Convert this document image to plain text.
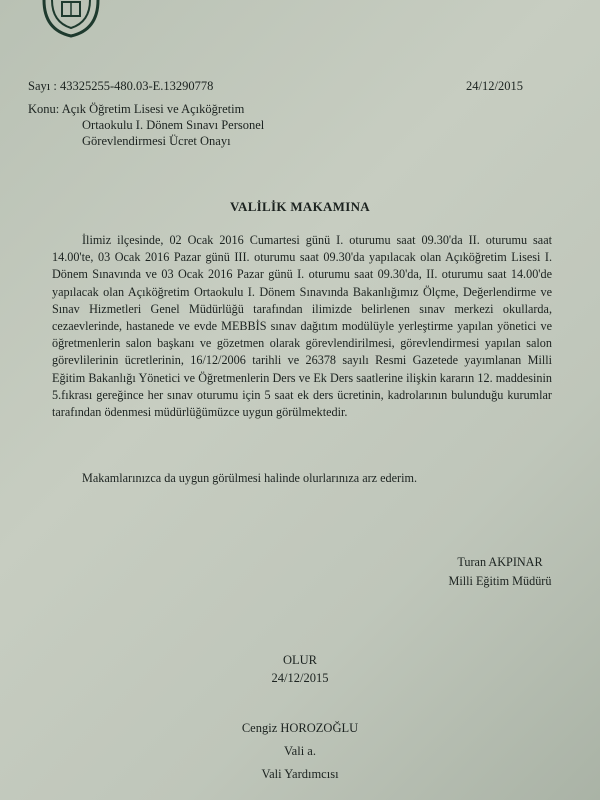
Sayı : 43325255-480.03-E.13290778	24/12/2015
Konu: Açık Öğretim Lisesi ve Açıköğretim
Ortaokulu I. Dönem Sınavı Personel
Görevlendirmesi Ücret Onayı
VALİLİK MAKAMINA
İlimiz ilçesinde, 02 Ocak 2016 Cumartesi günü I. oturumu saat 09.30'da II. oturumu saat 14.00'te, 03 Ocak 2016 Pazar günü III. oturumu saat 09.30'da yapılacak olan Açıköğretim Lisesi I. Dönem Sınavında ve 03 Ocak 2016 Pazar günü I. oturumu saat 09.30'da, II. oturumu saat 14.00'de yapılacak olan Açıköğretim Ortaokulu I. Dönem Sınavında Bakanlığımız Ölçme, Değerlendirme ve Sınav Hizmetleri Genel Müdürlüğü tarafından ilimizde belirlenen sınav merkezi okullarda, cezaevlerinde, hastanede ve evde MEBBİS sınav dağıtım modülüyle yerleştirme yapılan yönetici ve öğretmenlerin salon başkanı ve gözetmen olarak görevlendirilmesi, görevlendirmesi yapılan salon görevlilerinin ücretlerinin, 16/12/2006 tarihli ve 26378 sayılı Resmi Gazetede yayımlanan Milli Eğitim Bakanlığı Yönetici ve Öğretmenlerin Ders ve Ek Ders saatlerine ilişkin kararın 12. maddesinin 5.fıkrası gereğince her sınav oturumu için 5 saat ek ders ücretinin, kadrolarının bulunduğu kurumlar tarafından ödenmesi müdürlüğümüzce uygun görülmektedir.
Makamlarınızca da uygun görülmesi halinde olurlarınıza arz ederim.
Turan AKPINAR
Milli Eğitim Müdürü
OLUR
24/12/2015
Cengiz HOROZOĞLU
Vali a.
Vali Yardımcısı
